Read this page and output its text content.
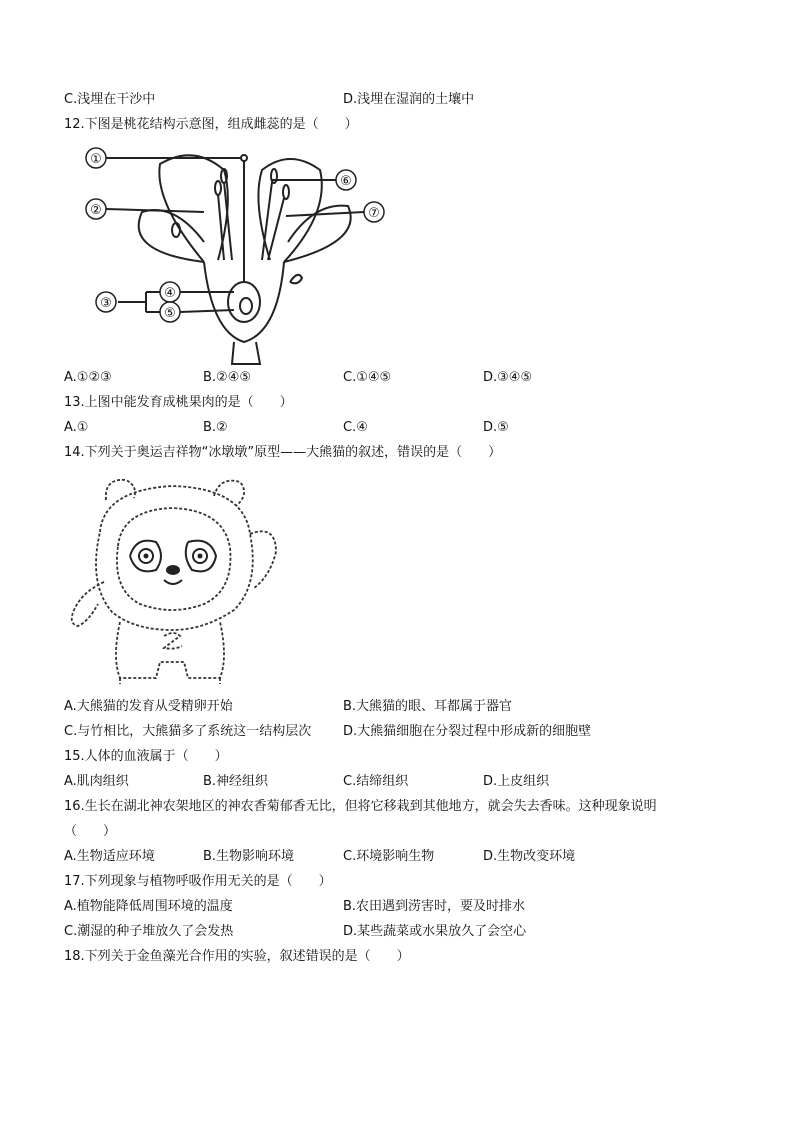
C.浅埋在干沙中	D.浅埋在湿润的土壤中
12.下图是桃花结构示意图，组成雌蕊的是（　　）
①
②
③
④
⑤
⑥
⑦
A.①②③	B.②④⑤	C.①④⑤	D.③④⑤
13.上图中能发育成桃果肉的是（　　）
A.①	B.②	C.④	D.⑤
14.下列关于奥运吉祥物“冰墩墩”原型——大熊猫的叙述，错误的是（　　）
A.大熊猫的发育从受精卵开始	B.大熊猫的眼、耳都属于器官
C.与竹相比，大熊猫多了系统这一结构层次 D.大熊猫细胞在分裂过程中形成新的细胞壁
15.人体的血液属于（　　）
A.肌肉组织	B.神经组织	C.结缔组织	D.上皮组织
16.生长在湖北神农架地区的神农香菊郁香无比，但将它移栽到其他地方，就会失去香味。这种现象说明
（　　）
A.生物适应环境	B.生物影响环境	C.环境影响生物	D.生物改变环境
17.下列现象与植物呼吸作用无关的是（　　）
A.植物能降低周围环境的温度	B.农田遇到涝害时，要及时排水
C.潮湿的种子堆放久了会发热	D.某些蔬菜或水果放久了会空心
18.下列关于金鱼藻光合作用的实验，叙述错误的是（　　）
